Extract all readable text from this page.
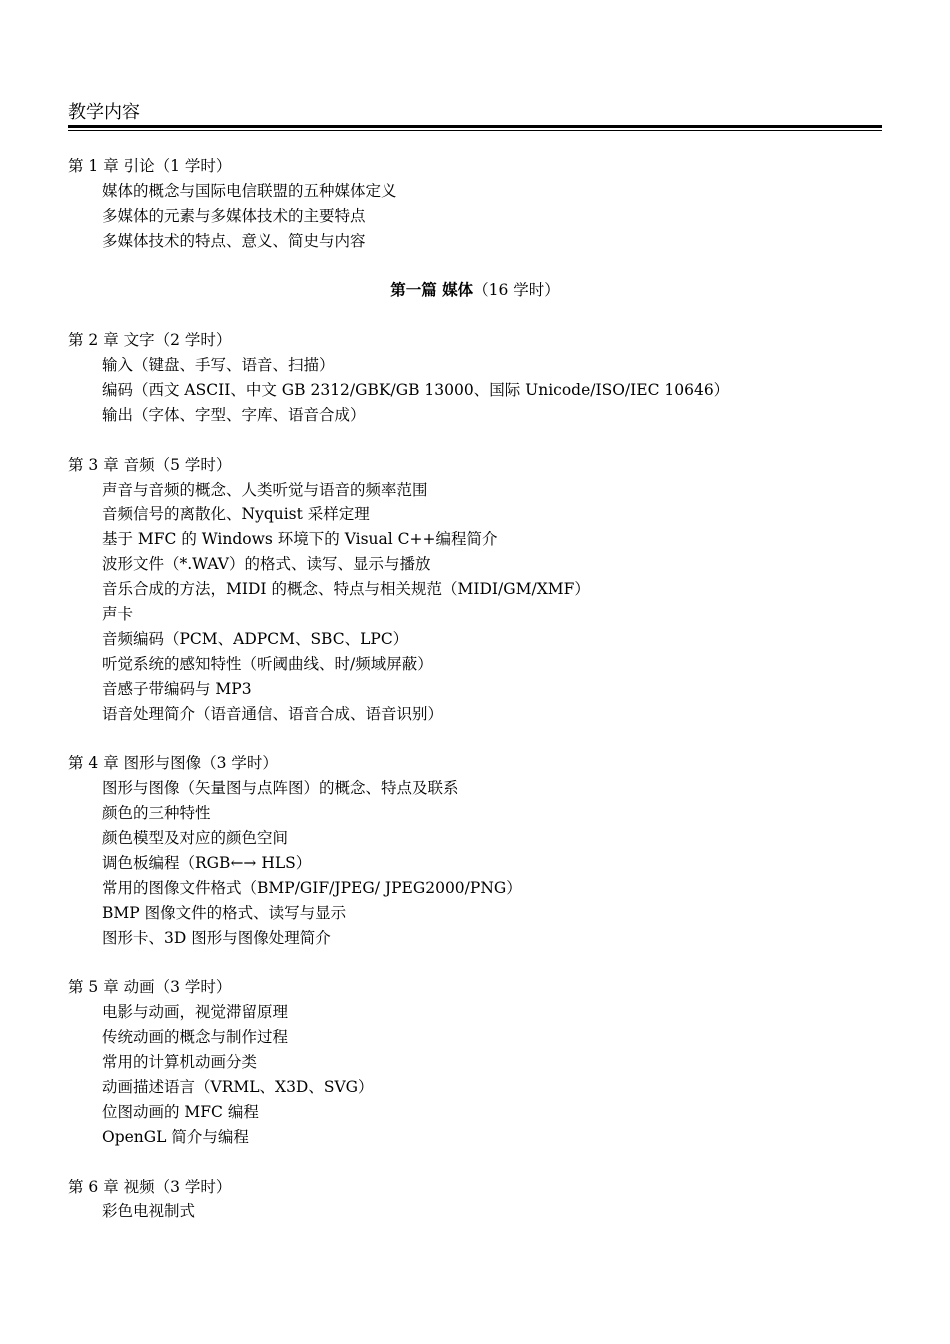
教学内容
第 1 章 引论（1 学时）
媒体的概念与国际电信联盟的五种媒体定义
多媒体的元素与多媒体技术的主要特点
多媒体技术的特点、意义、简史与内容
第一篇 媒体（16 学时）
第 2 章 文字（2 学时）
输入（键盘、手写、语音、扫描）
编码（西文 ASCII、中文 GB 2312/GBK/GB 13000、国际 Unicode/ISO/IEC 10646）
输出（字体、字型、字库、语音合成）
第 3 章 音频（5 学时）
声音与音频的概念、人类听觉与语音的频率范围
音频信号的离散化、Nyquist 采样定理
基于 MFC 的 Windows 环境下的 Visual C++编程简介
波形文件（*.WAV）的格式、读写、显示与播放
音乐合成的方法，MIDI 的概念、特点与相关规范（MIDI/GM/XMF）
声卡
音频编码（PCM、ADPCM、SBC、LPC）
听觉系统的感知特性（听阈曲线、时/频域屏蔽）
音感子带编码与 MP3
语音处理简介（语音通信、语音合成、语音识别）
第 4 章 图形与图像（3 学时）
图形与图像（矢量图与点阵图）的概念、特点及联系
颜色的三种特性
颜色模型及对应的颜色空间
调色板编程（RGB←→ HLS）
常用的图像文件格式（BMP/GIF/JPEG/ JPEG2000/PNG）
BMP 图像文件的格式、读写与显示
图形卡、3D 图形与图像处理简介
第 5 章 动画（3 学时）
电影与动画，视觉滞留原理
传统动画的概念与制作过程
常用的计算机动画分类
动画描述语言（VRML、X3D、SVG）
位图动画的 MFC 编程
OpenGL 简介与编程
第 6 章 视频（3 学时）
彩色电视制式
